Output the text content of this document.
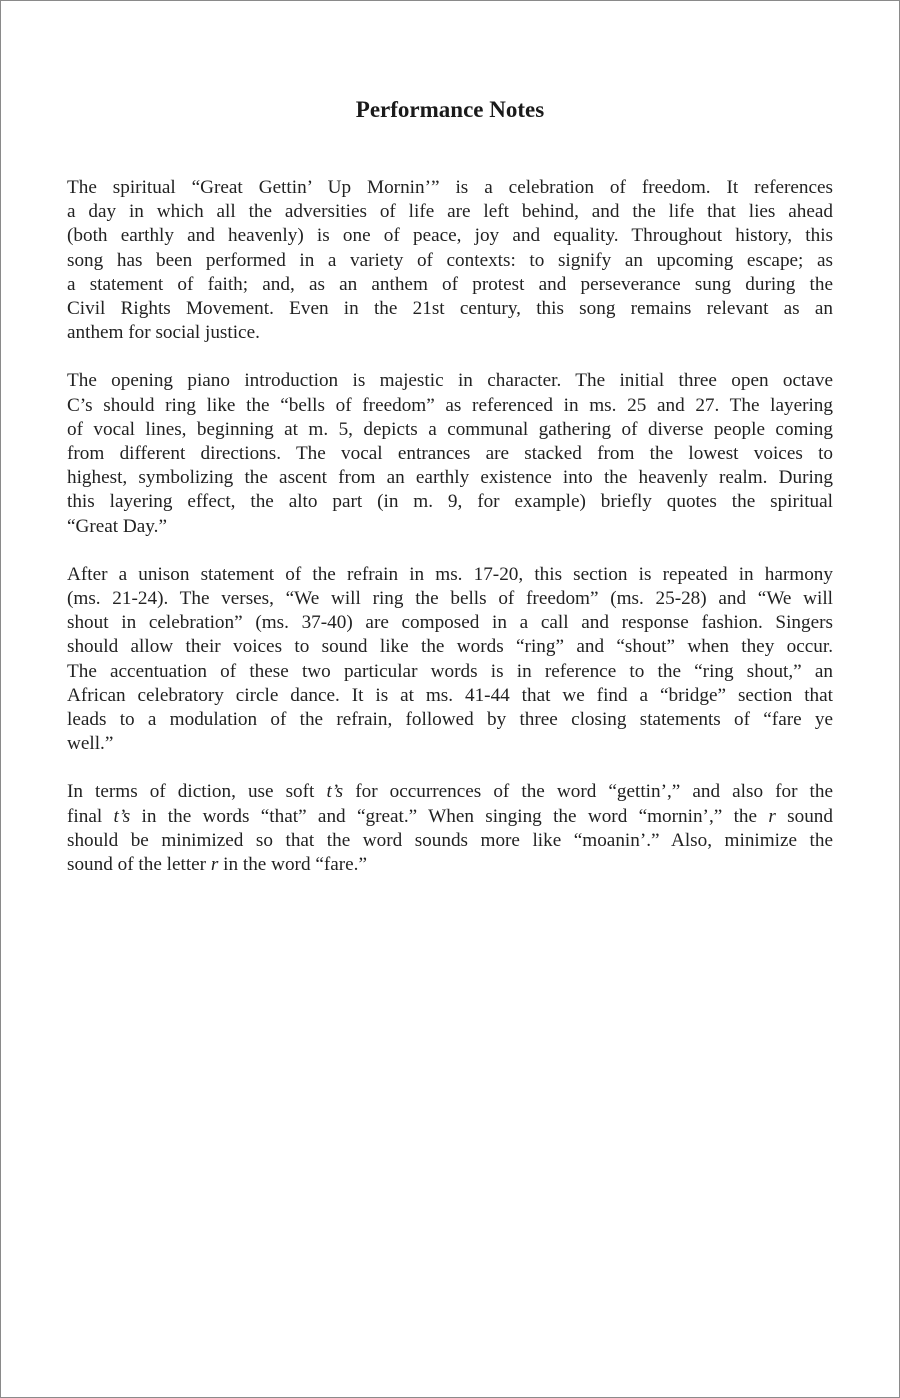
Performance Notes

The spiritual “Great Gettin’ Up Mornin’” is a celebration of freedom. It references
a day in which all the adversities of life are left behind, and the life that lies ahead
(both earthly and heavenly) is one of peace, joy and equality. Throughout history, this
song has been performed in a variety of contexts: to signify an upcoming escape; as
a statement of faith; and, as an anthem of protest and perseverance sung during the
Civil Rights Movement. Even in the 21st century, this song remains relevant as an
anthem for social justice.

The opening piano introduction is majestic in character. The initial three open octave
C’s should ring like the “bells of freedom” as referenced in ms. 25 and 27. The layering
of vocal lines, beginning at m. 5, depicts a communal gathering of diverse people coming
from different directions. The vocal entrances are stacked from the lowest voices to
highest, symbolizing the ascent from an earthly existence into the heavenly realm. During
this layering effect, the alto part (in m. 9, for example) briefly quotes the spiritual
“Great Day.”

After a unison statement of the refrain in ms. 17-20, this section is repeated in harmony
(ms. 21-24). The verses, “We will ring the bells of freedom” (ms. 25-28) and “We will
shout in celebration” (ms. 37-40) are composed in a call and response fashion. Singers
should allow their voices to sound like the words “ring” and “shout” when they occur.
The accentuation of these two particular words is in reference to the “ring shout,” an
African celebratory circle dance. It is at ms. 41-44 that we find a “bridge” section that
leads to a modulation of the refrain, followed by three closing statements of “fare ye
well.”

In terms of diction, use soft t’s for occurrences of the word “gettin’,” and also for the
final t’s in the words “that” and “great.” When singing the word “mornin’,” the r sound
should be minimized so that the word sounds more like “moanin’.” Also, minimize the
sound of the letter r in the word “fare.”
